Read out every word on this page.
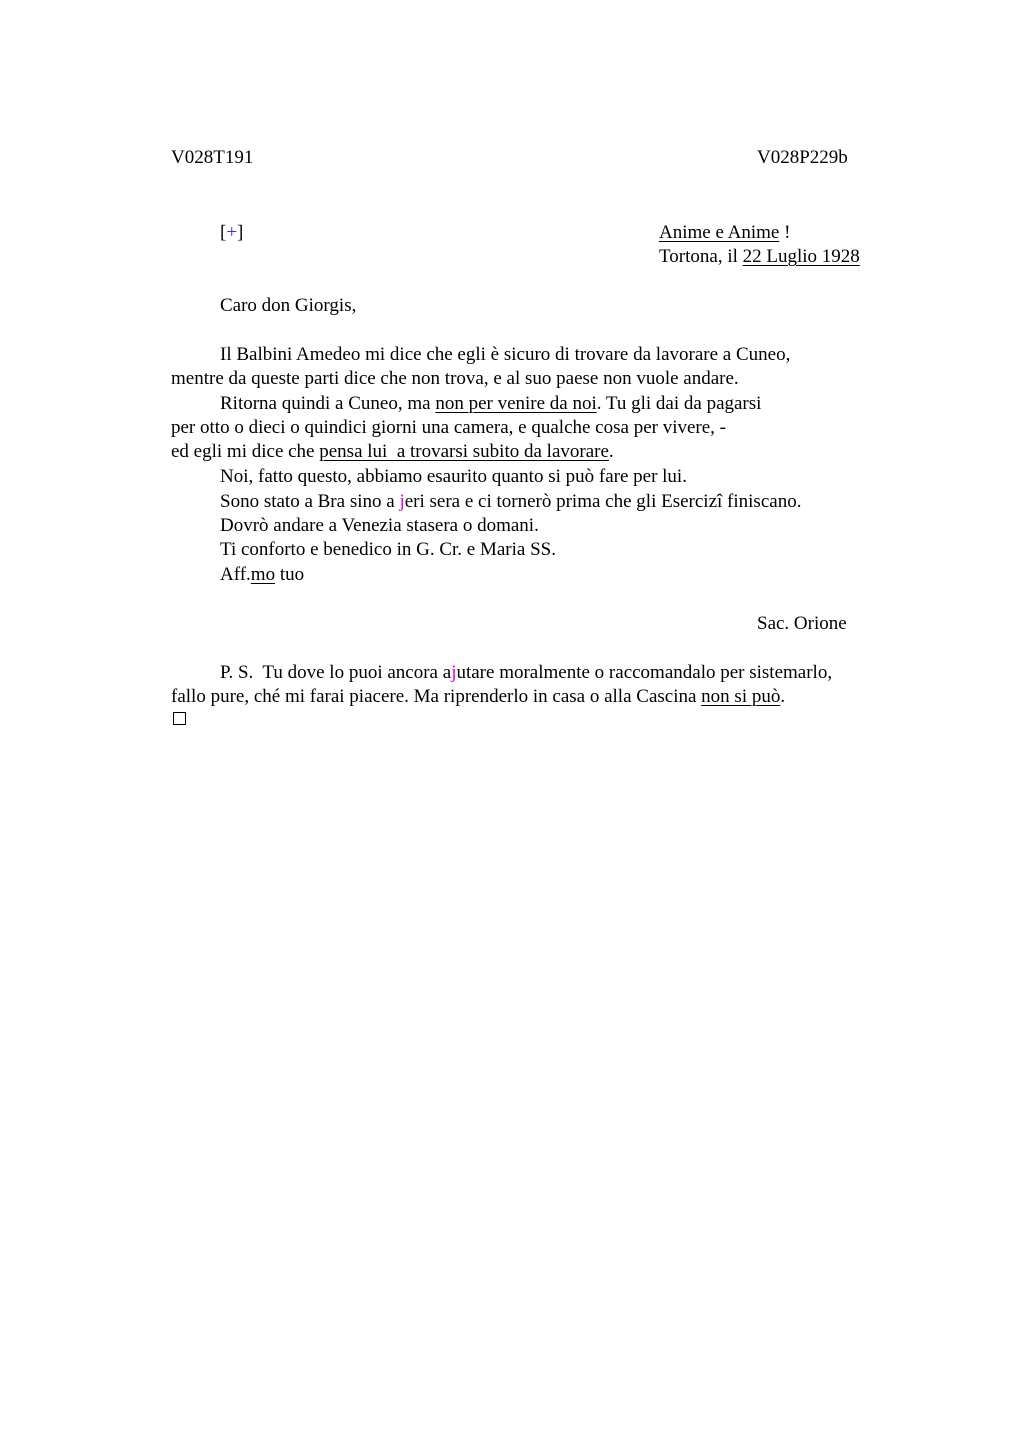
V028T191	V028P229b
[+]	Anime e Anime !
Tortona, il 22 Luglio 1928
Caro don Giorgis,
Il Balbini Amedeo mi dice che egli è sicuro di trovare da lavorare a Cuneo,
mentre da queste parti dice che non trova, e al suo paese non vuole andare.
Ritorna quindi a Cuneo, ma non per venire da noi. Tu gli dai da pagarsi
per otto o dieci o quindici giorni una camera, e qualche cosa per vivere, -
ed egli mi dice che pensa lui  a trovarsi subito da lavorare.
Noi, fatto questo, abbiamo esaurito quanto si può fare per lui.
Sono stato a Bra sino a jeri sera e ci tornerò prima che gli Esercizî finiscano.
Dovrò andare a Venezia stasera o domani.
Ti conforto e benedico in G. Cr. e Maria SS.
Aff.mo tuo
Sac. Orione
P. S.  Tu dove lo puoi ancora ajutare moralmente o raccomandalo per sistemarlo,
fallo pure, ché mi farai piacere. Ma riprenderlo in casa o alla Cascina non si può.
